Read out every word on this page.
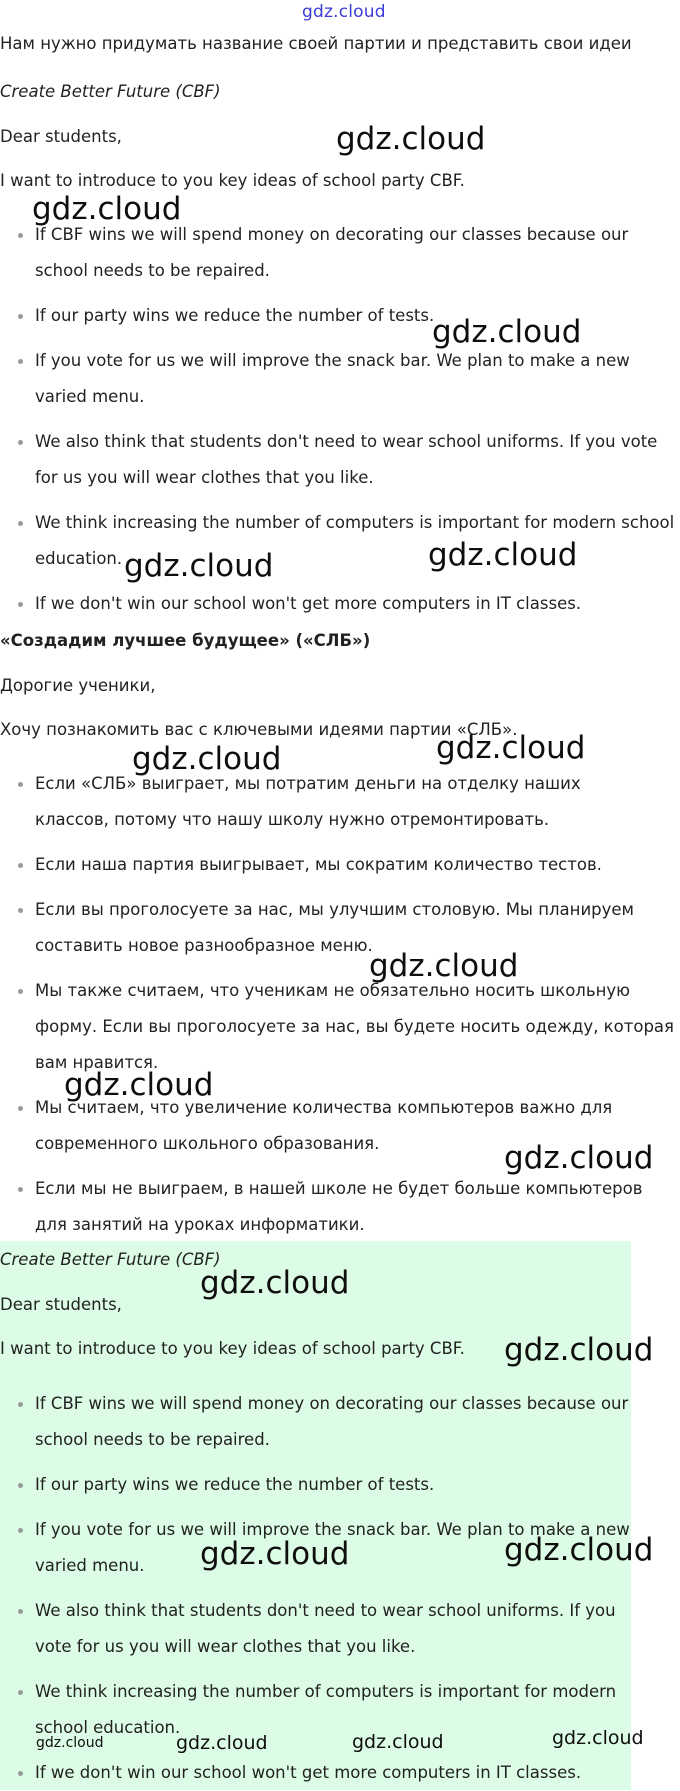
gdz.cloud

Нам нужно придумать название своей партии и представить свои идеи

Create Better Future (CBF)

Dear students,

I want to introduce to you key ideas of school party CBF.

If CBF wins we will spend money on decorating our classes because our school needs to be repaired.
If our party wins we reduce the number of tests.
If you vote for us we will improve the snack bar. We plan to make a new varied menu.
We also think that students don't need to wear school uniforms. If you vote for us you will wear clothes that you like.
We think increasing the number of computers is important for modern school education.
If we don't win our school won't get more computers in IT classes.

«Создадим лучшее будущее» («СЛБ»)

Дорогие ученики,

Хочу познакомить вас с ключевыми идеями партии «СЛБ».

Если «СЛБ» выиграет, мы потратим деньги на отделку наших классов, потому что нашу школу нужно отремонтировать.
Если наша партия выигрывает, мы сократим количество тестов.
Если вы проголосуете за нас, мы улучшим столовую. Мы планируем составить новое разнообразное меню.
Мы также считаем, что ученикам не обязательно носить школьную форму. Если вы проголосуете за нас, вы будете носить одежду, которая вам нравится.
Мы считаем, что увеличение количества компьютеров важно для современного школьного образования.
Если мы не выиграем, в нашей школе не будет больше компьютеров для занятий на уроках информатики.

Create Better Future (CBF)

Dear students,

I want to introduce to you key ideas of school party CBF.

If CBF wins we will spend money on decorating our classes because our school needs to be repaired.
If our party wins we reduce the number of tests.
If you vote for us we will improve the snack bar. We plan to make a new varied menu.
We also think that students don't need to wear school uniforms. If you vote for us you will wear clothes that you like.
We think increasing the number of computers is important for modern school education.
If we don't win our school won't get more computers in IT classes.
gdz.cloud
gdz.cloud
gdz.cloud
gdz.cloud	gdz.cloud
gdz.cloud	gdz.cloud
gdz.cloud
gdz.cloud
gdz.cloud
gdz.cloud
gdz.cloud
gdz.cloud	gdz.cloud
gdz.cloud	gdz.cloud	gdz.cloud	gdz.cloud
